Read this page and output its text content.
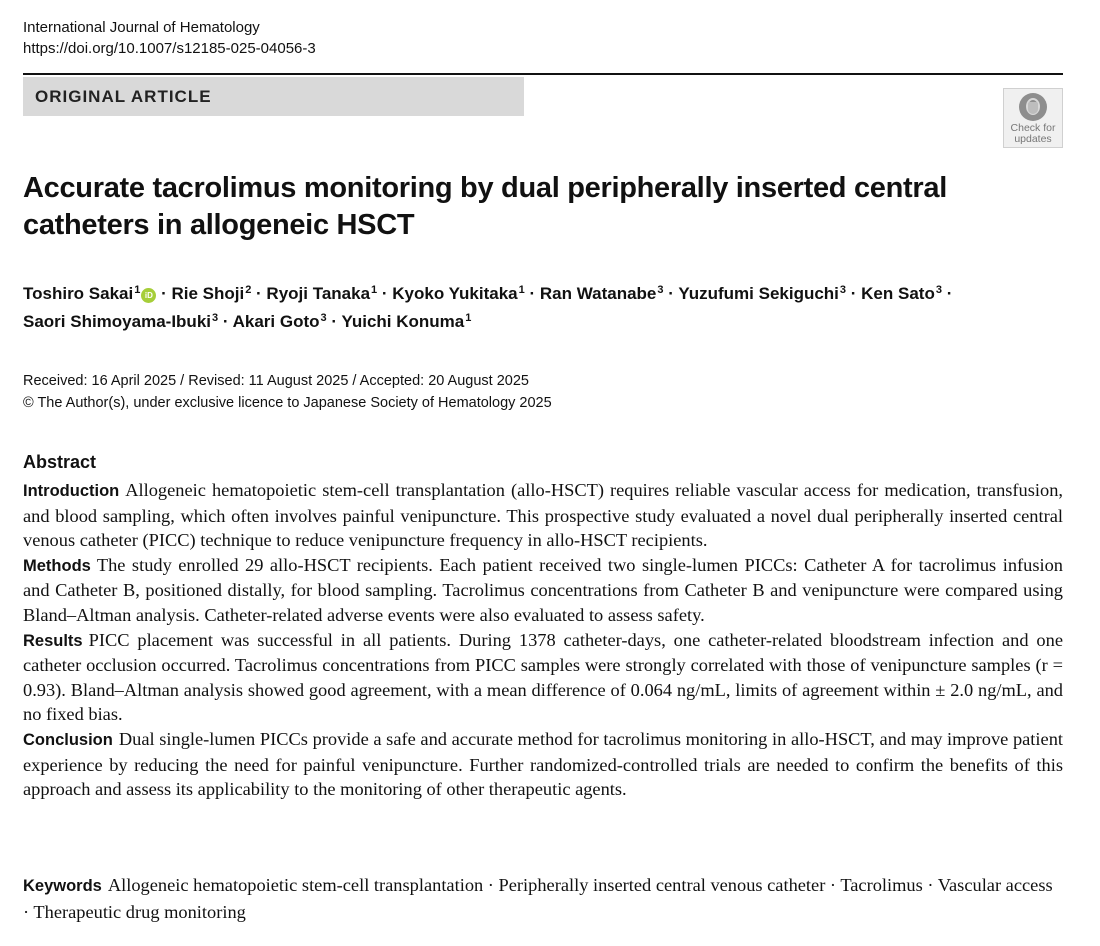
International Journal of Hematology
https://doi.org/10.1007/s12185-025-04056-3
ORIGINAL ARTICLE
Check for
updates
Accurate tacrolimus monitoring by dual peripherally inserted central catheters in allogeneic HSCT
Toshiro Sakai$^1$ iD · Rie Shoji$^2$ · Ryoji Tanaka$^1$ · Kyoko Yukitaka$^1$ · Ran Watanabe$^3$ · Yuzufumi Sekiguchi$^3$ · Ken Sato$^3$ ·
Saori Shimoyama-Ibuki$^3$ · Akari Goto$^3$ · Yuichi Konuma$^1$
Received: 16 April 2025 / Revised: 11 August 2025 / Accepted: 20 August 2025
© The Author(s), under exclusive licence to Japanese Society of Hematology 2025
Abstract

Introduction Allogeneic hematopoietic stem-cell transplantation (allo-HSCT) requires reliable vascular access for medication, transfusion, and blood sampling, which often involves painful venipuncture. This prospective study evaluated a novel dual peripherally inserted central venous catheter (PICC) technique to reduce venipuncture frequency in allo-HSCT recipients.

Methods The study enrolled 29 allo-HSCT recipients. Each patient received two single-lumen PICCs: Catheter A for tacrolimus infusion and Catheter B, positioned distally, for blood sampling. Tacrolimus concentrations from Catheter B and venipuncture were compared using Bland–Altman analysis. Catheter-related adverse events were also evaluated to assess safety.

Results PICC placement was successful in all patients. During 1378 catheter-days, one catheter-related bloodstream infection and one catheter occlusion occurred. Tacrolimus concentrations from PICC samples were strongly correlated with those of venipuncture samples (r = 0.93). Bland–Altman analysis showed good agreement, with a mean difference of 0.064 ng/mL, limits of agreement within ± 2.0 ng/mL, and no fixed bias.

Conclusion Dual single-lumen PICCs provide a safe and accurate method for tacrolimus monitoring in allo-HSCT, and may improve patient experience by reducing the need for painful venipuncture. Further randomized-controlled trials are needed to confirm the benefits of this approach and assess its applicability to the monitoring of other therapeutic agents.

Keywords Allogeneic hematopoietic stem-cell transplantation · Peripherally inserted central venous catheter · Tacrolimus · Vascular access · Therapeutic drug monitoring
